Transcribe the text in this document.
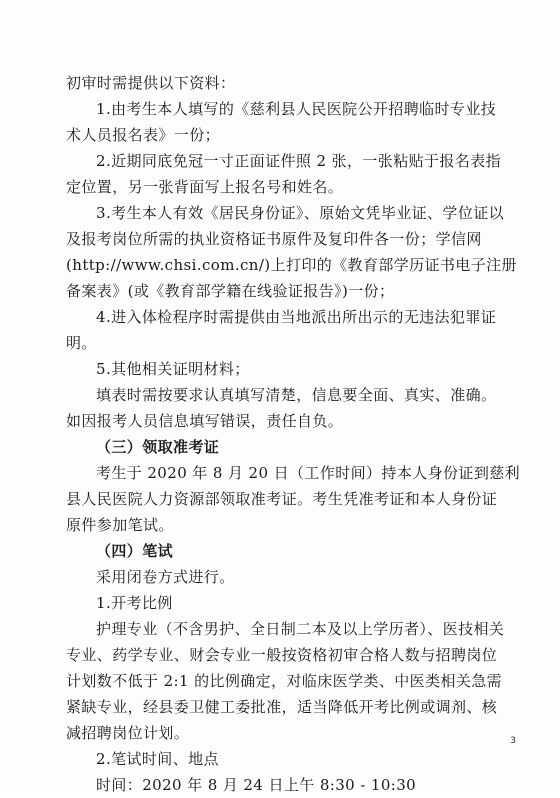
初审时需提供以下资料：
1.由考生本人填写的《慈利县人民医院公开招聘临时专业技
术人员报名表》一份；
2.近期同底免冠一寸正面证件照 2 张，一张粘贴于报名表指
定位置，另一张背面写上报名号和姓名。
3.考生本人有效《居民身份证》、原始文凭毕业证、学位证以
及报考岗位所需的执业资格证书原件及复印件各一份；学信网
(http://www.chsi.com.cn/)上打印的《教育部学历证书电子注册
备案表》(或《教育部学籍在线验证报告》)一份；
4.进入体检程序时需提供由当地派出所出示的无违法犯罪证
明。
5.其他相关证明材料；
填表时需按要求认真填写清楚，信息要全面、真实、准确。
如因报考人员信息填写错误，责任自负。
（三）领取准考证
考生于 2020 年 8 月 20 日（工作时间）持本人身份证到慈利
县人民医院人力资源部领取准考证。考生凭准考证和本人身份证
原件参加笔试。
（四）笔试
采用闭卷方式进行。
1.开考比例
护理专业（不含男护、全日制二本及以上学历者）、医技相关
专业、药学专业、财会专业一般按资格初审合格人数与招聘岗位
计划数不低于 2:1 的比例确定，对临床医学类、中医类相关急需
紧缺专业，经县委卫健工委批准，适当降低开考比例或调剂、核
减招聘岗位计划。
2.笔试时间、地点
时间：2020 年 8 月 24 日上午 8:30 - 10:30
3
